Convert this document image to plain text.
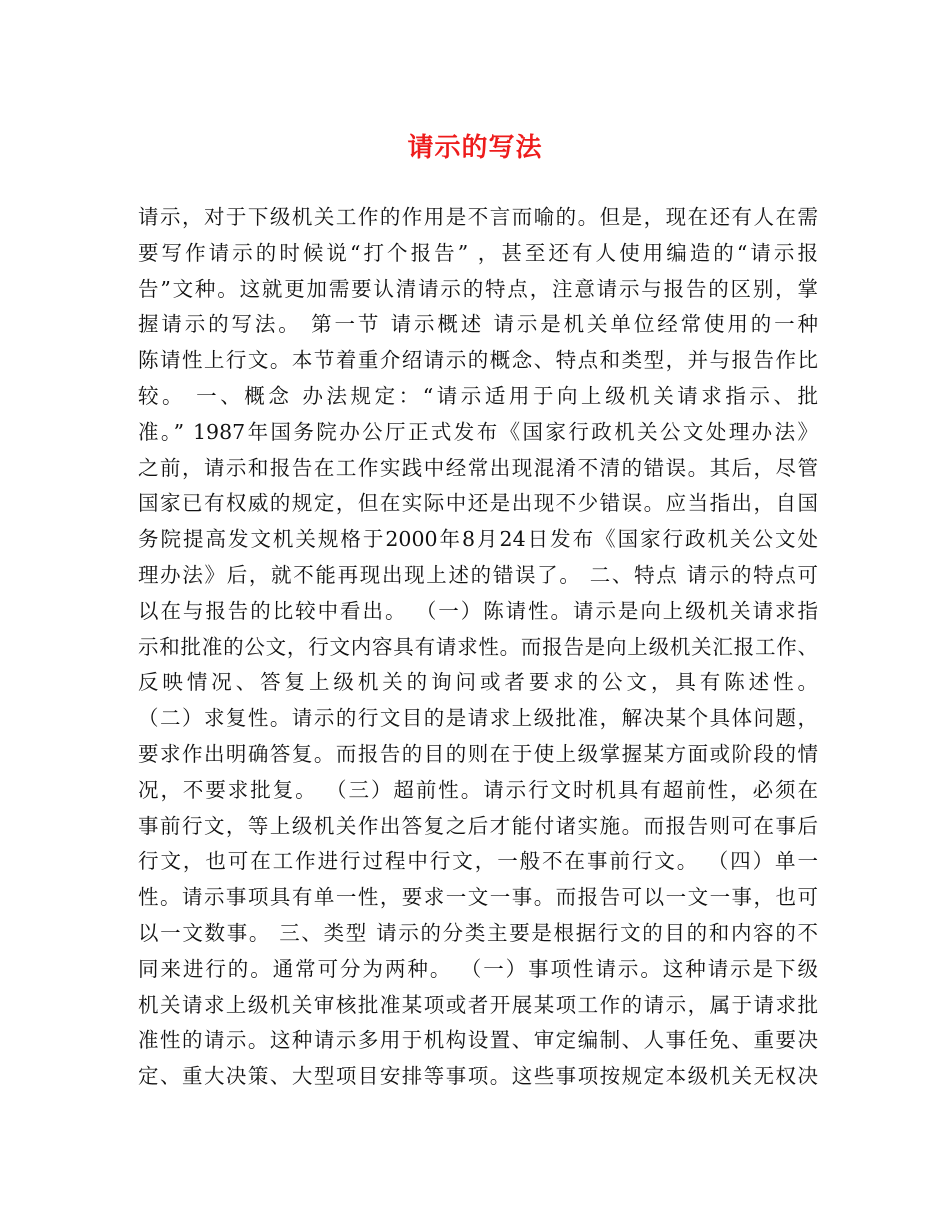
请示的写法
请示，对于下级机关工作的作用是不言而喻的。但是，现在还有人在需
要写作请示的时候说“打个报告” ，甚至还有人使用编造的“请示报
告”文种。这就更加需要认清请示的特点，注意请示与报告的区别，掌
握请示的写法。 第一节 请示概述 请示是机关单位经常使用的一种
陈请性上行文。本节着重介绍请示的概念、特点和类型，并与报告作比
较。 一、概念 办法规定：“请示适用于向上级机关请求指示、批
准。” 1987年国务院办公厅正式发布《国家行政机关公文处理办法》
之前，请示和报告在工作实践中经常出现混淆不清的错误。其后，尽管
国家已有权威的规定，但在实际中还是出现不少错误。应当指出，自国
务院提高发文机关规格于2000年8月24日发布《国家行政机关公文处
理办法》后，就不能再现出现上述的错误了。 二、特点 请示的特点可
以在与报告的比较中看出。 （一）陈请性。请示是向上级机关请求指
示和批准的公文，行文内容具有请求性。而报告是向上级机关汇报工作、
反映情况、答复上级机关的询问或者要求的公文，具有陈述性。
（二）求复性。请示的行文目的是请求上级批准，解决某个具体问题，
要求作出明确答复。而报告的目的则在于使上级掌握某方面或阶段的情
况，不要求批复。 （三）超前性。请示行文时机具有超前性，必须在
事前行文，等上级机关作出答复之后才能付诸实施。而报告则可在事后
行文，也可在工作进行过程中行文，一般不在事前行文。 （四）单一
性。请示事项具有单一性，要求一文一事。而报告可以一文一事，也可
以一文数事。 三、类型 请示的分类主要是根据行文的目的和内容的不
同来进行的。通常可分为两种。 （一）事项性请示。这种请示是下级
机关请求上级机关审核批准某项或者开展某项工作的请示，属于请求批
准性的请示。这种请示多用于机构设置、审定编制、人事任免、重要决
定、重大决策、大型项目安排等事项。这些事项按规定本级机关无权决
